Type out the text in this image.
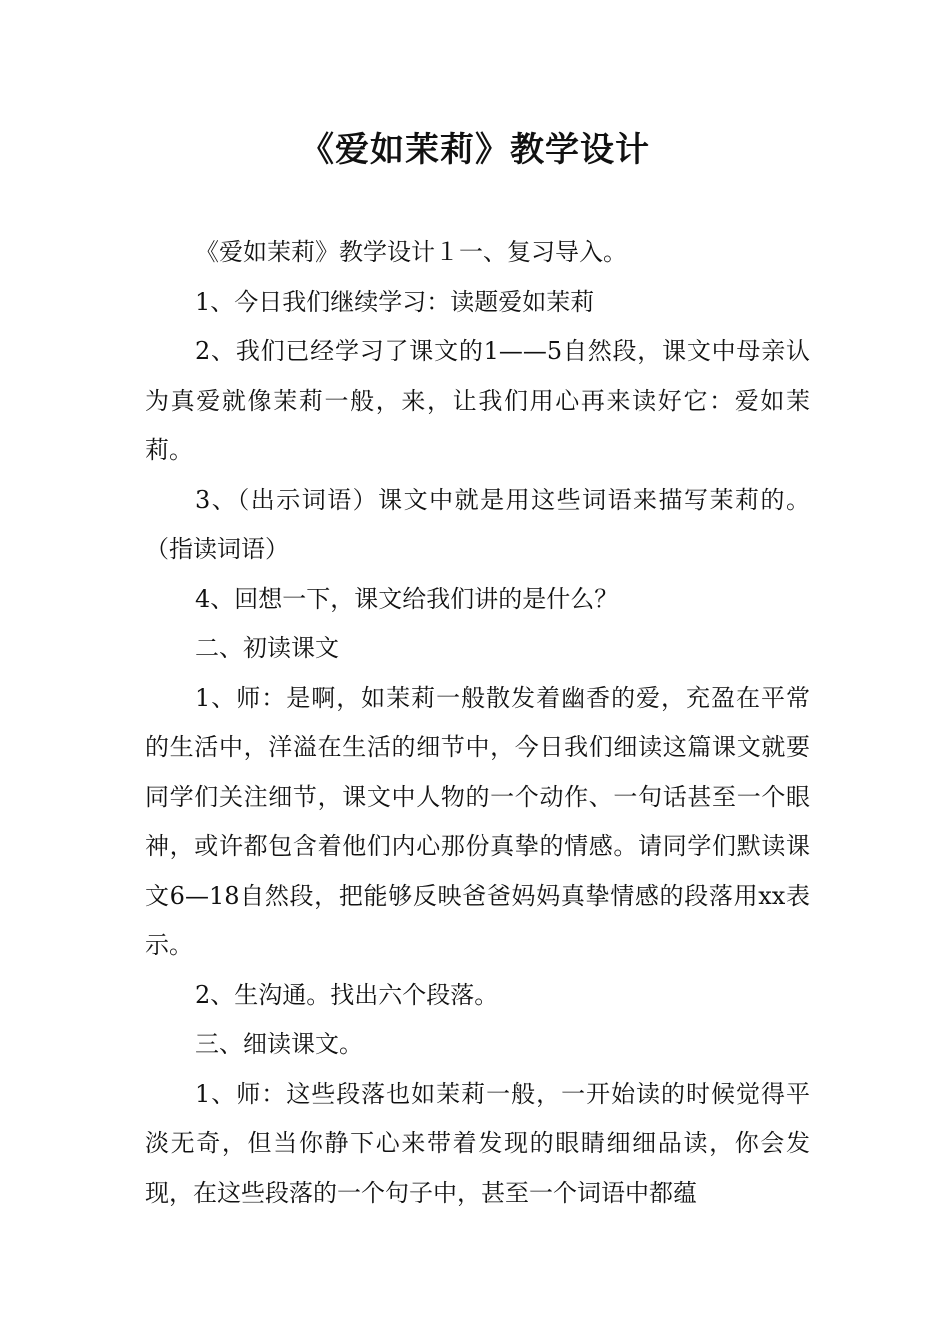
《爱如茉莉》教学设计

《爱如茉莉》教学设计１一、复习导入。

1、今日我们继续学习：读题爱如茉莉

2、我们已经学习了课文的1——5自然段，课文中母亲认为真爱就像茉莉一般，来，让我们用心再来读好它：爱如茉莉。

3、（出示词语）课文中就是用这些词语来描写茉莉的。（指读词语）

4、回想一下，课文给我们讲的是什么？

二、初读课文

1、师：是啊，如茉莉一般散发着幽香的爱，充盈在平常的生活中，洋溢在生活的细节中，今日我们细读这篇课文就要同学们关注细节，课文中人物的一个动作、一句话甚至一个眼神，或许都包含着他们内心那份真挚的情感。请同学们默读课文6—18自然段，把能够反映爸爸妈妈真挚情感的段落用xx表示。

2、生沟通。找出六个段落。

三、细读课文。

1、师：这些段落也如茉莉一般，一开始读的时候觉得平淡无奇，但当你静下心来带着发现的眼睛细细品读，你会发现，在这些段落的一个句子中，甚至一个词语中都蕴
